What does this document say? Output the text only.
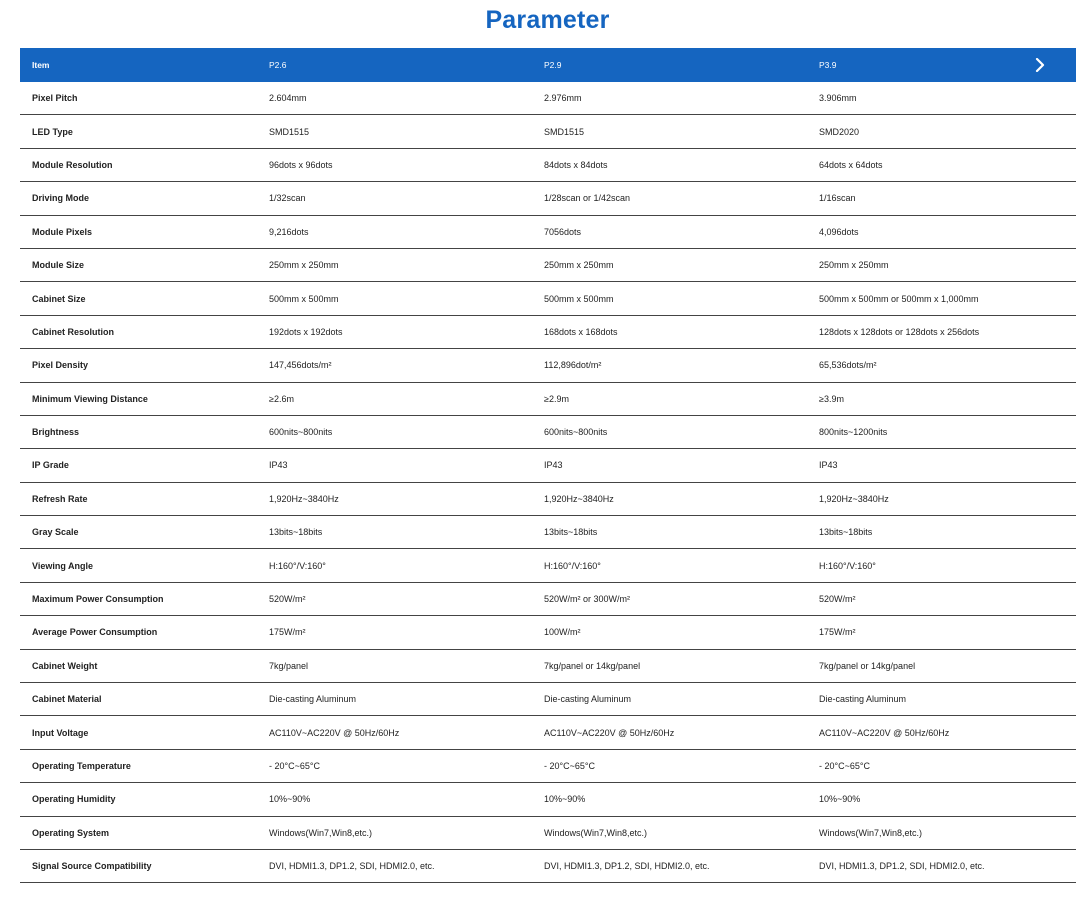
Parameter
Item	P2.6	P2.9	P3.9
Pixel Pitch	2.604mm	2.976mm	3.906mm
LED Type	SMD1515	SMD1515	SMD2020
Module Resolution	96dots x 96dots	84dots x 84dots	64dots x 64dots
Driving Mode	1/32scan	1/28scan or 1/42scan	1/16scan
Module Pixels	9,216dots	7056dots	4,096dots
Module Size	250mm x 250mm	250mm x 250mm	250mm x 250mm
Cabinet Size	500mm x 500mm	500mm x 500mm	500mm x 500mm or 500mm x 1,000mm
Cabinet Resolution	192dots x 192dots	168dots x 168dots	128dots x 128dots or 128dots x 256dots
Pixel Density	147,456dots/m²	112,896dot/m²	65,536dots/m²
Minimum Viewing Distance	≥2.6m	≥2.9m	≥3.9m
Brightness	600nits~800nits	600nits~800nits	800nits~1200nits
IP Grade	IP43	IP43	IP43
Refresh Rate	1,920Hz~3840Hz	1,920Hz~3840Hz	1,920Hz~3840Hz
Gray Scale	13bits~18bits	13bits~18bits	13bits~18bits
Viewing Angle	H:160°/V:160°	H:160°/V:160°	H:160°/V:160°
Maximum Power Consumption	520W/m²	520W/m² or 300W/m²	520W/m²
Average Power Consumption	175W/m²	100W/m²	175W/m²
Cabinet Weight	7kg/panel	7kg/panel or 14kg/panel	7kg/panel or 14kg/panel
Cabinet Material	Die-casting Aluminum	Die-casting Aluminum	Die-casting Aluminum
Input Voltage	AC110V~AC220V @ 50Hz/60Hz	AC110V~AC220V @ 50Hz/60Hz	AC110V~AC220V @ 50Hz/60Hz
Operating Temperature	- 20°C~65°C	- 20°C~65°C	- 20°C~65°C
Operating Humidity	10%~90%	10%~90%	10%~90%
Operating System	Windows(Win7,Win8,etc.)	Windows(Win7,Win8,etc.)	Windows(Win7,Win8,etc.)
Signal Source Compatibility	DVI, HDMI1.3, DP1.2, SDI, HDMI2.0, etc.	DVI, HDMI1.3, DP1.2, SDI, HDMI2.0, etc.	DVI, HDMI1.3, DP1.2, SDI, HDMI2.0, etc.
